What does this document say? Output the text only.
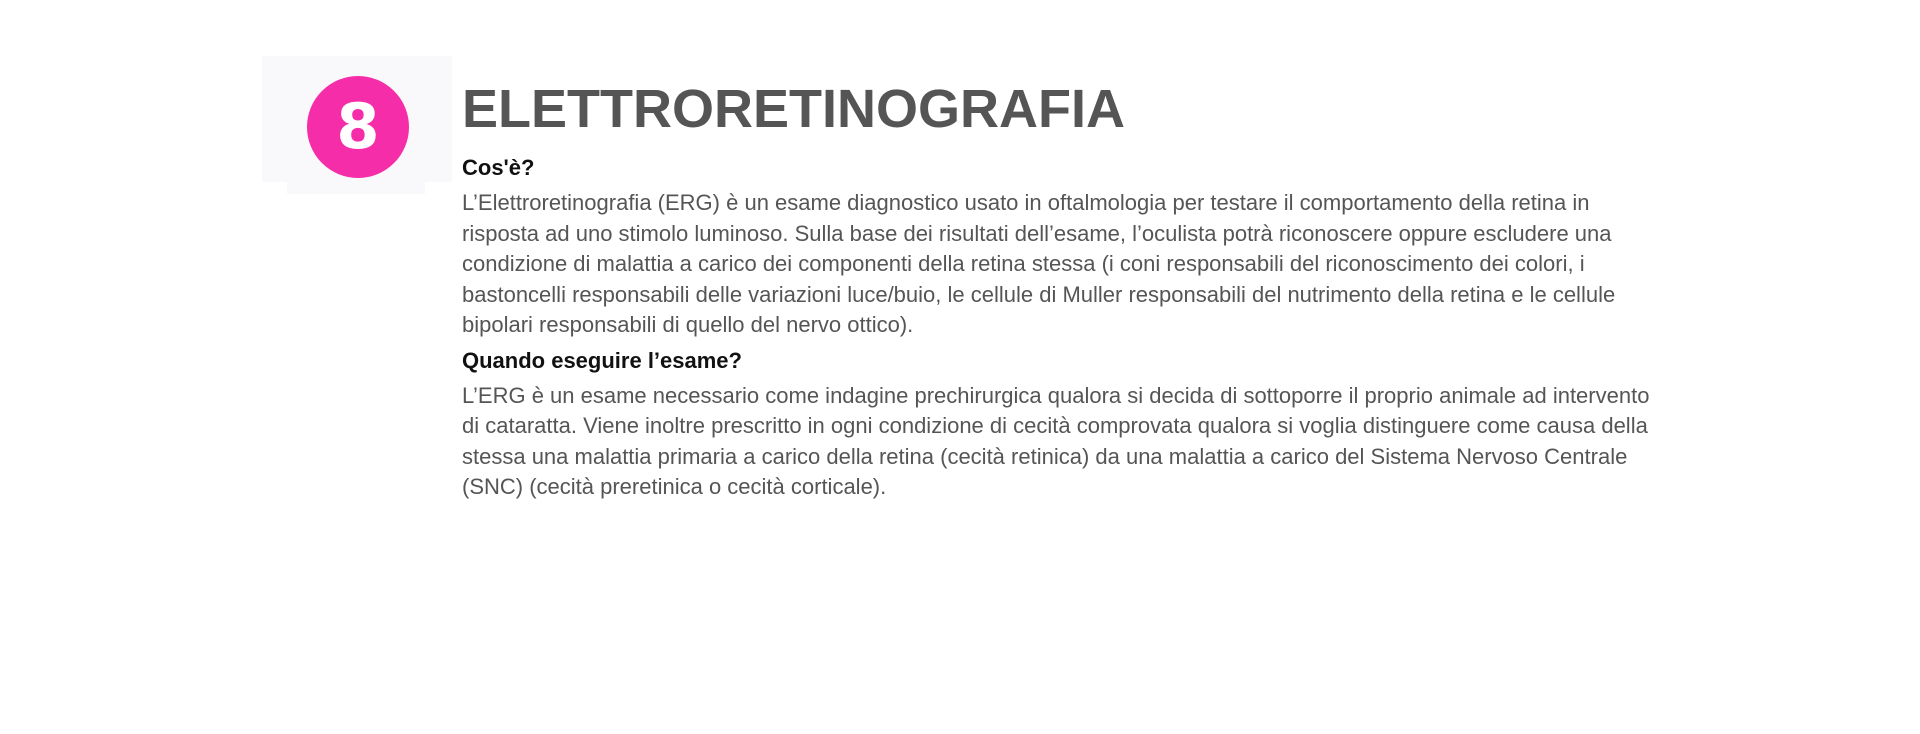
8 ELETTRORETINOGRAFIA
Cos'è?

L’Elettroretinografia (ERG) è un esame diagnostico usato in oftalmologia per testare il comportamento della retina in risposta ad uno stimolo luminoso. Sulla base dei risultati dell’esame, l’oculista potrà riconoscere oppure escludere una condizione di malattia a carico dei componenti della retina stessa (i coni responsabili del riconoscimento dei colori, i bastoncelli responsabili delle variazioni luce/buio, le cellule di Muller responsabili del nutrimento della retina e le cellule bipolari responsabili di quello del nervo ottico).

Quando eseguire l’esame?

L’ERG è un esame necessario come indagine prechirurgica qualora si decida di sottoporre il proprio animale ad intervento di cataratta. Viene inoltre prescritto in ogni condizione di cecità comprovata qualora si voglia distinguere come causa della stessa una malattia primaria a carico della retina (cecità retinica) da una malattia a carico del Sistema Nervoso Centrale (SNC) (cecità preretinica o cecità corticale).
